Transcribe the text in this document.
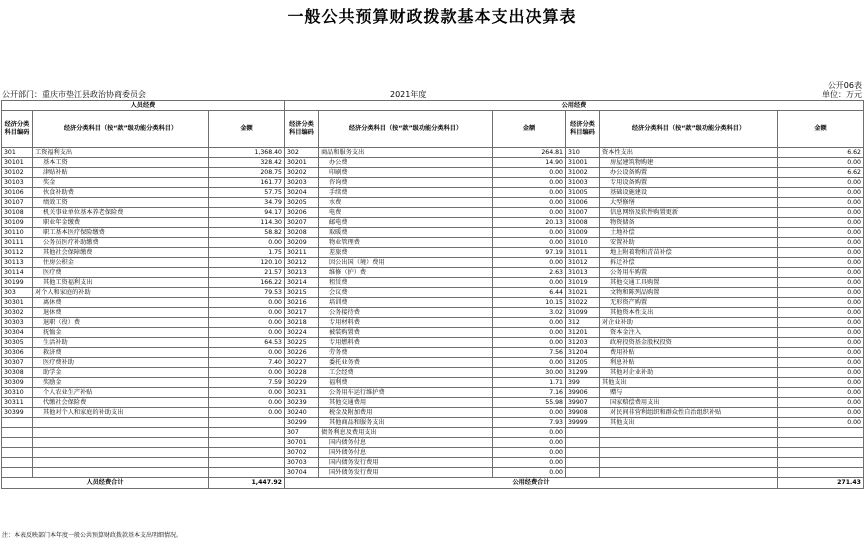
一般公共预算财政拨款基本支出决算表
公开06表
公开部门：重庆市垫江县政治协商委员会	2021年度	单位：万元
人员经费			公用经费					
经济分类科目编码	经济分类科目（按“款”级功能分类科目）	金额	经济分类科目编码	经济分类科目（按“款”级功能分类科目）	金额	经济分类科目编码	经济分类科目（按“款”级功能分类科目）	金额
301	工资福利支出	1,368.40	302	商品和服务支出	264.81	310	资本性支出	6.62
30101	基本工资	328.42	30201	办公费	14.90	31001	房屋建筑物购建	0.00
30102	津贴补贴	208.75	30202	印刷费	0.00	31002	办公设备购置	6.62
30103	奖金	161.77	30203	咨询费	0.00	31003	专用设备购置	0.00
30106	伙食补助费	57.75	30204	手续费	0.00	31005	基础设施建设	0.00
30107	绩效工资	34.79	30205	水费	0.00	31006	大型修缮	0.00
30108	机关事业单位基本养老保险费	94.17	30206	电费	0.00	31007	信息网络及软件购置更新	0.00
30109	职业年金缴费	114.30	30207	邮电费	20.13	31008	物资储备	0.00
30110	职工基本医疗保险缴费	58.82	30208	取暖费	0.00	31009	土地补偿	0.00
30111	公务员医疗补助缴费	0.00	30209	物业管理费	0.00	31010	安置补助	0.00
30112	其他社会保障缴费	1.75	30211	差旅费	97.19	31011	地上附着物和青苗补偿	0.00
30113	住房公积金	120.10	30212	因公出国（境）费用	0.00	31012	拆迁补偿	0.00
30114	医疗费	21.57	30213	维修（护）费	2.63	31013	公务用车购置	0.00
30199	其他工资福利支出	166.22	30214	租赁费	0.00	31019	其他交通工具购置	0.00
303	对个人和家庭的补助	79.53	30215	会议费	6.44	31021	文物和陈列品购置	0.00
30301	离休费	0.00	30216	培训费	10.15	31022	无形资产购置	0.00
30302	退休费	0.00	30217	公务接待费	3.02	31099	其他资本性支出	0.00
30303	退职（役）费	0.00	30218	专用材料费	0.00	312	对企业补助	0.00
30304	抚恤金	0.00	30224	被装购置费	0.00	31201	资本金注入	0.00
30305	生活补助	64.53	30225	专用燃料费	0.00	31203	政府投资基金股权投资	0.00
30306	救济费	0.00	30226	劳务费	7.56	31204	费用补贴	0.00
30307	医疗费补助	7.40	30227	委托业务费	0.00	31205	利息补贴	0.00
30308	助学金	0.00	30228	工会经费	30.00	31299	其他对企业补助	0.00
30309	奖励金	7.59	30229	福利费	1.71	399	其他支出	0.00
30310	个人农业生产补贴	0.00	30231	公务用车运行维护费	7.16	39906	赠与	0.00
30311	代缴社会保险费	0.00	30239	其他交通费用	55.98	39907	国家赔偿费用支出	0.00
30399	其他对个人和家庭的补助支出	0.00	30240	税金及附加费用	0.00	39908	对民间非营利组织和群众性自治组织补贴	0.00
			30299	其他商品和服务支出	7.93	39999	其他支出	0.00
			307	债务利息及费用支出	0.00			
			30701	国内债务付息	0.00			
			30702	国外债务付息	0.00			
			30703	国内债务发行费用	0.00			
			30704	国外债务发行费用	0.00			
人员经费合计		1,447.92	公用经费合计					271.43
注：本表反映部门本年度一般公共预算财政拨款基本支出明细情况。
